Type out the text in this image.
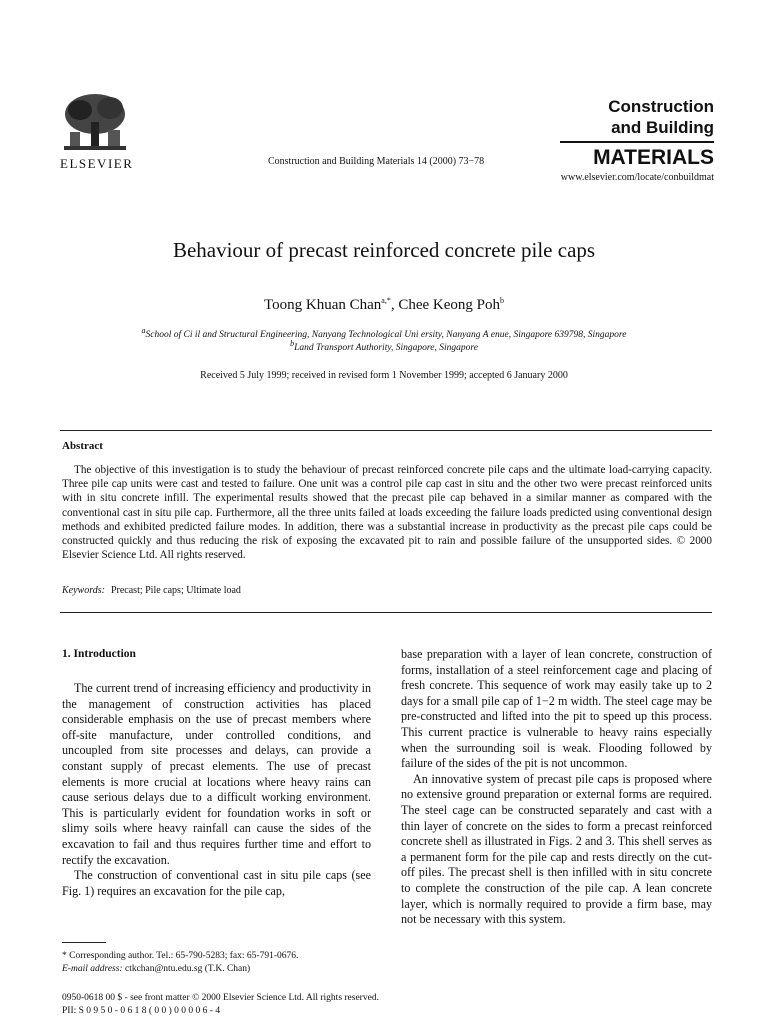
ELSEVIER	Construction and Building Materials 14 (2000) 73−78
Construction
and Building
MATERIALS
www.elsevier.com/locate/conbuildmat
Behaviour of precast reinforced concrete pile caps
Toong Khuan Chan$^{a,*}$, Chee Keong Poh$^b$
$^a$School of Ci il and Structural Engineering, Nanyang Technological Uni ersity, Nanyang A enue, Singapore 639798, Singapore
$^b$Land Transport Authority, Singapore, Singapore
Received 5 July 1999; received in revised form 1 November 1999; accepted 6 January 2000
Abstract
The objective of this investigation is to study the behaviour of precast reinforced concrete pile caps and the ultimate load-carrying capacity. Three pile cap units were cast and tested to failure. One unit was a control pile cap cast in situ and the other two were precast reinforced units with in situ concrete infill. The experimental results showed that the precast pile cap behaved in a similar manner as compared with the conventional cast in situ pile cap. Furthermore, all the three units failed at loads exceeding the failure loads predicted using conventional design methods and exhibited predicted failure modes. In addition, there was a substantial increase in productivity as the precast pile caps could be constructed quickly and thus reducing the risk of exposing the excavated pit to rain and possible failure of the unsupported sides. © 2000 Elsevier Science Ltd. All rights reserved.
Keywords: Precast; Pile caps; Ultimate load
1. Introduction

The current trend of increasing efficiency and productivity in the management of construction activities has placed considerable emphasis on the use of precast members where off-site manufacture, under controlled conditions, and uncoupled from site processes and delays, can provide a constant supply of precast elements. The use of precast elements is more crucial at locations where heavy rains can cause serious delays due to a difficult working environment. This is particularly evident for foundation works in soft or slimy soils where heavy rainfall can cause the sides of the excavation to fail and thus requires further time and effort to rectify the excavation.

The construction of conventional cast in situ pile caps (see Fig. 1) requires an excavation for the pile cap,

base preparation with a layer of lean concrete, construction of forms, installation of a steel reinforcement cage and placing of fresh concrete. This sequence of work may easily take up to 2 days for a small pile cap of 1−2 m width. The steel cage may be pre-constructed and lifted into the pit to speed up this process. This current practice is vulnerable to heavy rains especially when the surrounding soil is weak. Flooding followed by failure of the sides of the pit is not uncommon.

An innovative system of precast pile caps is proposed where no extensive ground preparation or external forms are required. The steel cage can be constructed separately and cast with a thin layer of concrete on the sides to form a precast reinforced concrete shell as illustrated in Figs. 2 and 3. This shell serves as a permanent form for the pile cap and rests directly on the cut-off piles. The precast shell is then infilled with in situ concrete to complete the construction of the pile cap. A lean concrete layer, which is normally required to provide a firm base, may not be necessary with this system.

* Corresponding author. Tel.: 65-790-5283; fax: 65-791-0676.
E-mail address: ctkchan@ntu.edu.sg (T.K. Chan)
0950-0618 00 $ - see front matter © 2000 Elsevier Science Ltd. All rights reserved.
PII: S 0 9 5 0 - 0 6 1 8 ( 0 0 ) 0 0 0 0 6 - 4
